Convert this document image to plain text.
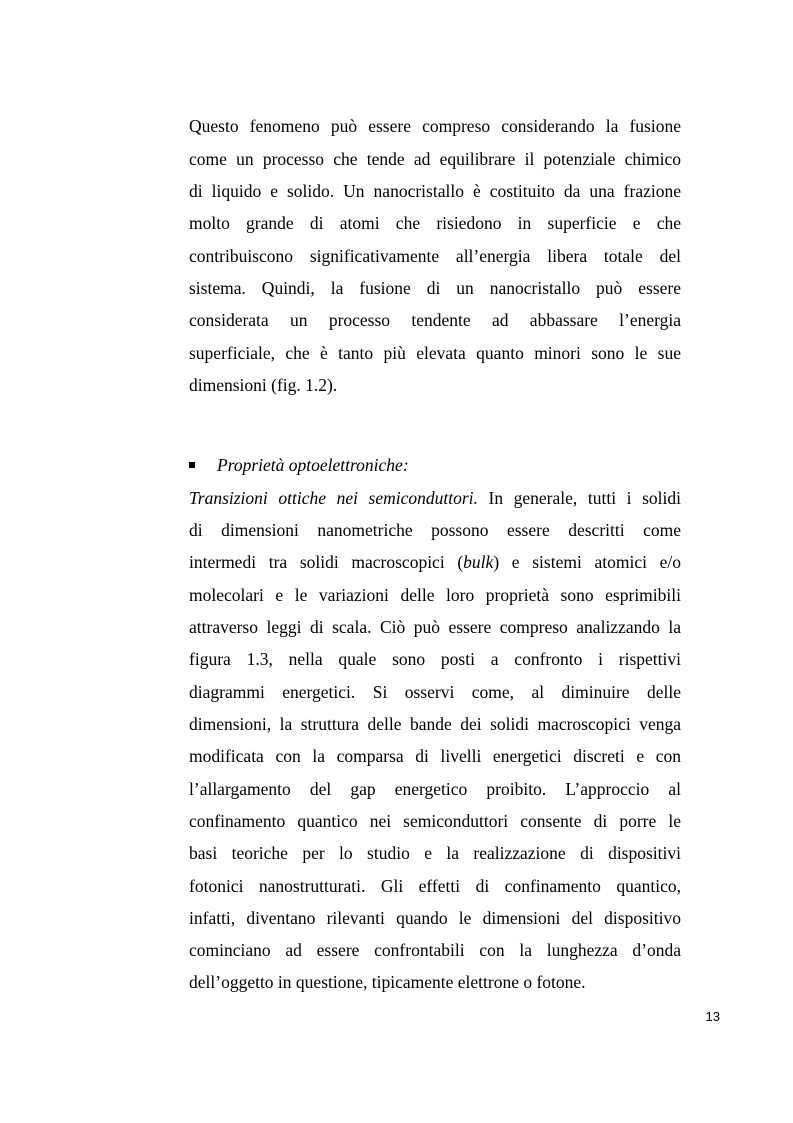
Questo fenomeno può essere compreso considerando la fusione
come un processo che tende ad equilibrare il potenziale chimico
di liquido e solido. Un nanocristallo è costituito da una frazione
molto grande di atomi che risiedono in superficie e che
contribuiscono significativamente all’energia libera totale del
sistema. Quindi, la fusione di un nanocristallo può essere
considerata un processo tendente ad abbassare l’energia
superficiale, che è tanto più elevata quanto minori sono le sue
dimensioni (fig. 1.2).
Proprietà optoelettroniche:
Transizioni ottiche nei semiconduttori. In generale, tutti i solidi
di dimensioni nanometriche possono essere descritti come
intermedi tra solidi macroscopici (bulk) e sistemi atomici e/o
molecolari e le variazioni delle loro proprietà sono esprimibili
attraverso leggi di scala. Ciò può essere compreso analizzando la
figura 1.3, nella quale sono posti a confronto i rispettivi
diagrammi energetici. Si osservi come, al diminuire delle
dimensioni, la struttura delle bande dei solidi macroscopici venga
modificata con la comparsa di livelli energetici discreti e con
l’allargamento del gap energetico proibito. L’approccio al
confinamento quantico nei semiconduttori consente di porre le
basi teoriche per lo studio e la realizzazione di dispositivi
fotonici nanostrutturati. Gli effetti di confinamento quantico,
infatti, diventano rilevanti quando le dimensioni del dispositivo
cominciano ad essere confrontabili con la lunghezza d’onda
dell’oggetto in questione, tipicamente elettrone o fotone.
13
